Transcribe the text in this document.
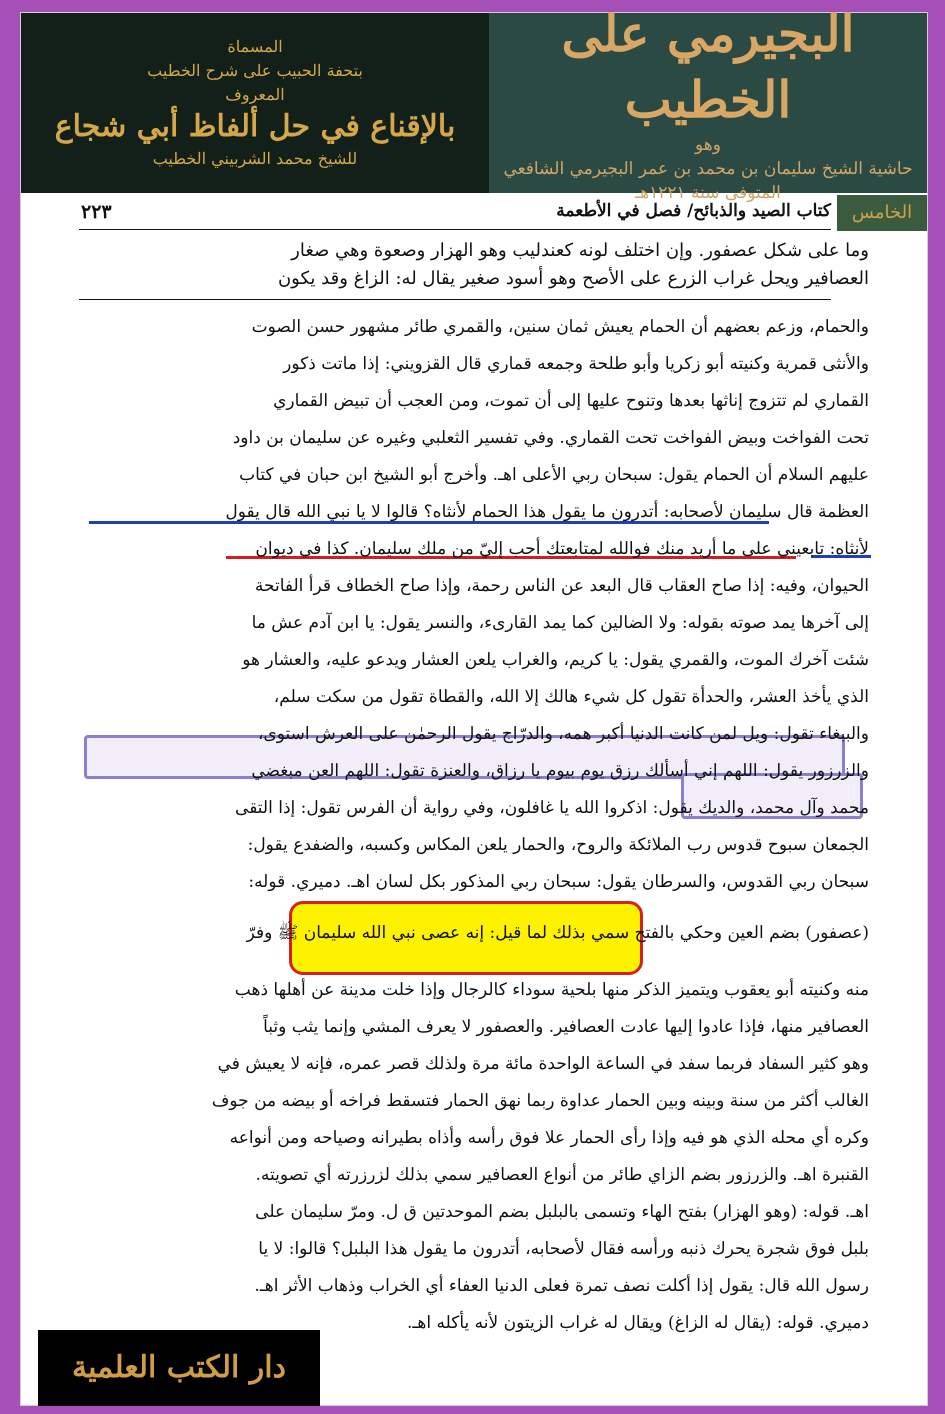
المسماة
بتحفة الحبيب على شرح الخطيب
المعروف
بالإقناع في حل ألفاظ أبي شجاع
للشيخ محمد الشربيني الخطيب
البجيرمي على الخطيب
وهو
حاشية الشيخ سليمان بن محمد بن عمر البجيرمي الشافعي
المتوفى سنة ١٢٢١هـ
٢٢٣	كتاب الصيد والذبائح/ فصل في الأطعمة	الخامس
وما على شكل عصفور. وإن اختلف لونه كعندليب وهو الهزار وصعوة وهي صغار
العصافير ويحل غراب الزرع على الأصح وهو أسود صغير يقال له: الزاغ وقد يكون
والحمام، وزعم بعضهم أن الحمام يعيش ثمان سنين، والقمري طائر مشهور حسن الصوت
والأنثى قمرية وكنيته أبو زكريا وأبو طلحة وجمعه قماري قال القزويني: إذا ماتت ذكور
القماري لم تتزوج إناثها بعدها وتنوح عليها إلى أن تموت، ومن العجب أن تبيض القماري
تحت الفواخت وبيض الفواخت تحت القماري. وفي تفسير الثعلبي وغيره عن سليمان بن داود
عليهم السلام أن الحمام يقول: سبحان ربي الأعلى اهـ. وأخرج أبو الشيخ ابن حبان في كتاب
العظمة قال سليمان لأصحابه: أتدرون ما يقول هذا الحمام لأنثاه؟ قالوا لا يا نبي الله قال يقول
لأنثاه: تابعيني على ما أريد منك فوالله لمتابعتك أحب إليّ من ملك سليمان. كذا في ديوان
الحيوان، وفيه: إذا صاح العقاب قال البعد عن الناس رحمة، وإذا صاح الخطاف قرأ الفاتحة
إلى آخرها يمد صوته بقوله: ولا الضالين كما يمد القارىء، والنسر يقول: يا ابن آدم عش ما
شئت آخرك الموت، والقمري يقول: يا كريم، والغراب يلعن العشار ويدعو عليه، والعشار هو
الذي يأخذ العشر، والحدأة تقول كل شيء هالك إلا الله، والقطاة تقول من سكت سلم،
والببغاء تقول: ويل لمن كانت الدنيا أكبر همه، والدرّاج يقول الرحمٰن على العرش استوى،
والزرزور يقول: اللهم إني أسألك رزق يوم بيوم يا رزاق، والعنزة تقول: اللهم العن مبغضي
محمد وآل محمد، والديك يقول: اذكروا الله يا غافلون، وفي رواية أن الفرس تقول: إذا التقى
الجمعان سبوح قدوس رب الملائكة والروح، والحمار يلعن المكاس وكسبه، والضفدع يقول:
سبحان ربي القدوس، والسرطان يقول: سبحان ربي المذكور بكل لسان اهـ. دميري. قوله:
(عصفور) بضم العين وحكي بالفتح سمي بذلك لما قيل: إنه عصى نبي الله سليمان ﷺ وفرّ
منه وكنيته أبو يعقوب ويتميز الذكر منها بلحية سوداء كالرجال وإذا خلت مدينة عن أهلها ذهب
العصافير منها، فإذا عادوا إليها عادت العصافير. والعصفور لا يعرف المشي وإنما يثب وثباً
وهو كثير السفاد فربما سفد في الساعة الواحدة مائة مرة ولذلك قصر عمره، فإنه لا يعيش في
الغالب أكثر من سنة وبينه وبين الحمار عداوة ربما نهق الحمار فتسقط فراخه أو بيضه من جوف
وكره أي محله الذي هو فيه وإذا رأى الحمار علا فوق رأسه وأذاه بطيرانه وصياحه ومن أنواعه
القنبرة اهـ. والزرزور بضم الزاي طائر من أنواع العصافير سمي بذلك لزرزرته أي تصويته.
اهـ. قوله: (وهو الهزار) بفتح الهاء وتسمى بالبلبل بضم الموحدتين ق ل. ومرّ سليمان على
بلبل فوق شجرة يحرك ذنبه ورأسه فقال لأصحابه، أتدرون ما يقول هذا البلبل؟ قالوا: لا يا
رسول الله قال: يقول إذا أكلت نصف تمرة فعلى الدنيا العفاء أي الخراب وذهاب الأثر اهـ.
دميري. قوله: (يقال له الزاغ) ويقال له غراب الزيتون لأنه يأكله اهـ.
دار الكتب العلمية
